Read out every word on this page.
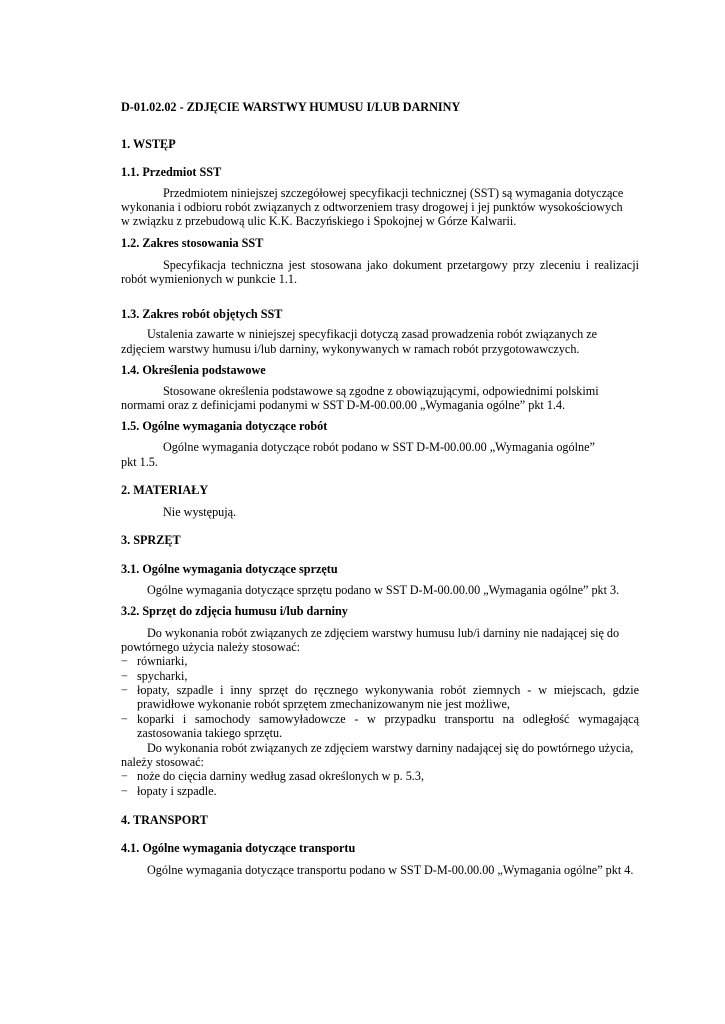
D-01.02.02 - ZDJĘCIE WARSTWY HUMUSU I/LUB DARNINY
1. WSTĘP
1.1. Przedmiot SST
Przedmiotem niniejszej szczegółowej specyfikacji technicznej (SST) są wymagania dotyczące
wykonania i odbioru robót związanych z odtworzeniem trasy drogowej i jej punktów wysokościowych
w związku z przebudową ulic K.K. Baczyńskiego i Spokojnej w Górze Kalwarii.
1.2. Zakres stosowania SST
Specyfikacja techniczna jest stosowana jako dokument przetargowy przy zleceniu i realizacji
robót wymienionych w punkcie 1.1.
1.3. Zakres robót objętych SST
Ustalenia zawarte w niniejszej specyfikacji dotyczą zasad prowadzenia robót związanych ze
zdjęciem warstwy humusu i/lub darniny, wykonywanych w ramach robót przygotowawczych.
1.4. Określenia podstawowe
Stosowane określenia podstawowe są zgodne z obowiązującymi, odpowiednimi polskimi
normami oraz z definicjami podanymi w SST D-M-00.00.00 „Wymagania ogólne” pkt 1.4.
1.5. Ogólne wymagania dotyczące robót
Ogólne wymagania dotyczące robót podano w SST D-M-00.00.00 „Wymagania ogólne”
pkt 1.5.
2. MATERIAŁY
Nie występują.
3. SPRZĘT
3.1. Ogólne wymagania dotyczące sprzętu
Ogólne wymagania dotyczące sprzętu podano w SST D-M-00.00.00 „Wymagania ogólne” pkt 3.
3.2. Sprzęt do zdjęcia humusu i/lub darniny
Do wykonania robót związanych ze zdjęciem warstwy humusu lub/i darniny nie nadającej się do
powtórnego użycia należy stosować:
− równiarki,
− spycharki,
− łopaty, szpadle i inny sprzęt do ręcznego wykonywania robót ziemnych - w miejscach, gdzie
prawidłowe wykonanie robót sprzętem zmechanizowanym nie jest możliwe,
− koparki i samochody samowyładowcze - w przypadku transportu na odległość wymagającą
zastosowania takiego sprzętu.
Do wykonania robót związanych ze zdjęciem warstwy darniny nadającej się do powtórnego użycia,
należy stosować:
− noże do cięcia darniny według zasad określonych w p. 5.3,
− łopaty i szpadle.
4. TRANSPORT
4.1. Ogólne wymagania dotyczące transportu
Ogólne wymagania dotyczące transportu podano w SST D-M-00.00.00 „Wymagania ogólne” pkt 4.
